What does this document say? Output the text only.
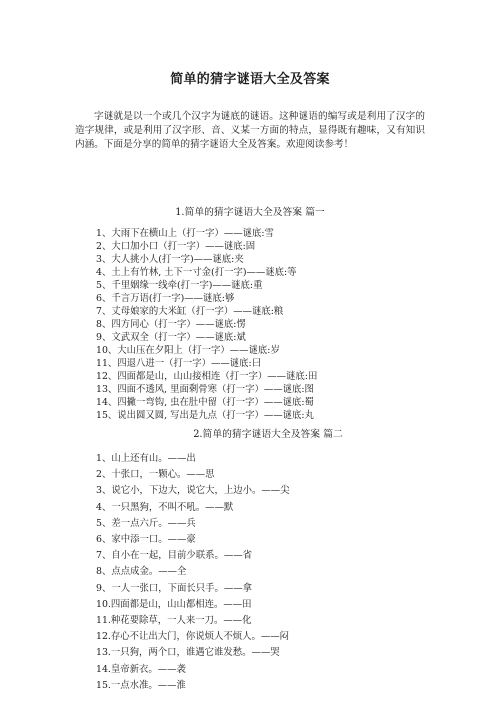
简单的猜字谜语大全及答案

字谜就是以一个或几个汉字为谜底的谜语。这种谜语的编写或是利用了汉字的造字规律，或是利用了汉字形、音、义某一方面的特点，显得既有趣味，又有知识内涵。下面是分享的简单的猜字谜语大全及答案。欢迎阅读参考！

1.简单的猜字谜语大全及答案 篇一
1、大雨下在横山上（打一字）——谜底:雪
2、大口加小口（打一字）——谜底:固
3、大人挑小人(打一字)——谜底:夹
4、土上有竹林, 土下一寸金(打一字)——谜底:等
5、千里姻缘一线牵(打一字)——谜底:重
6、千言万语(打一字)——谜底:够
7、丈母娘家的大米缸（打一字）——谜底:粮
8、四方同心（打一字）——谜底:愣
9、文武双全（打一字）——谜底:斌
10、大山压在夕阳上（打一字）——谜底:岁
11、四退八进一（打一字）——谜底:曰
12、四面都是山，山山接相连（打一字）——谜底:田
13、四面不透风, 里面剩骨寒（打一字）——谜底:图
14、四撇一弯钩, 虫在肚中留（打一字）——谜底:蜀
15、说出圆又圆, 写出是九点（打一字）——谜底:丸
2.简单的猜字谜语大全及答案 篇二
1、山上还有山。——出
2、十张口，一颗心。——思
3、说它小，下边大，说它大，上边小。——尖
4、一只黑狗，不叫不吼。——默
5、差一点六斤。——兵
6、家中添一口。——豪
7、自小在一起，目前少联系。——省
8、点点成金。——全
9、一人一张口，下面长只手。——拿
10.四面都是山，山山都相连。——田
11.种花要除草，一人来一刀。——化
12.存心不让出大门，你说烦人不烦人。——闷
13.一只狗，两个口，谁遇它谁发愁。——哭
14.皇帝新衣。——袭
15.一点水准。——淮
